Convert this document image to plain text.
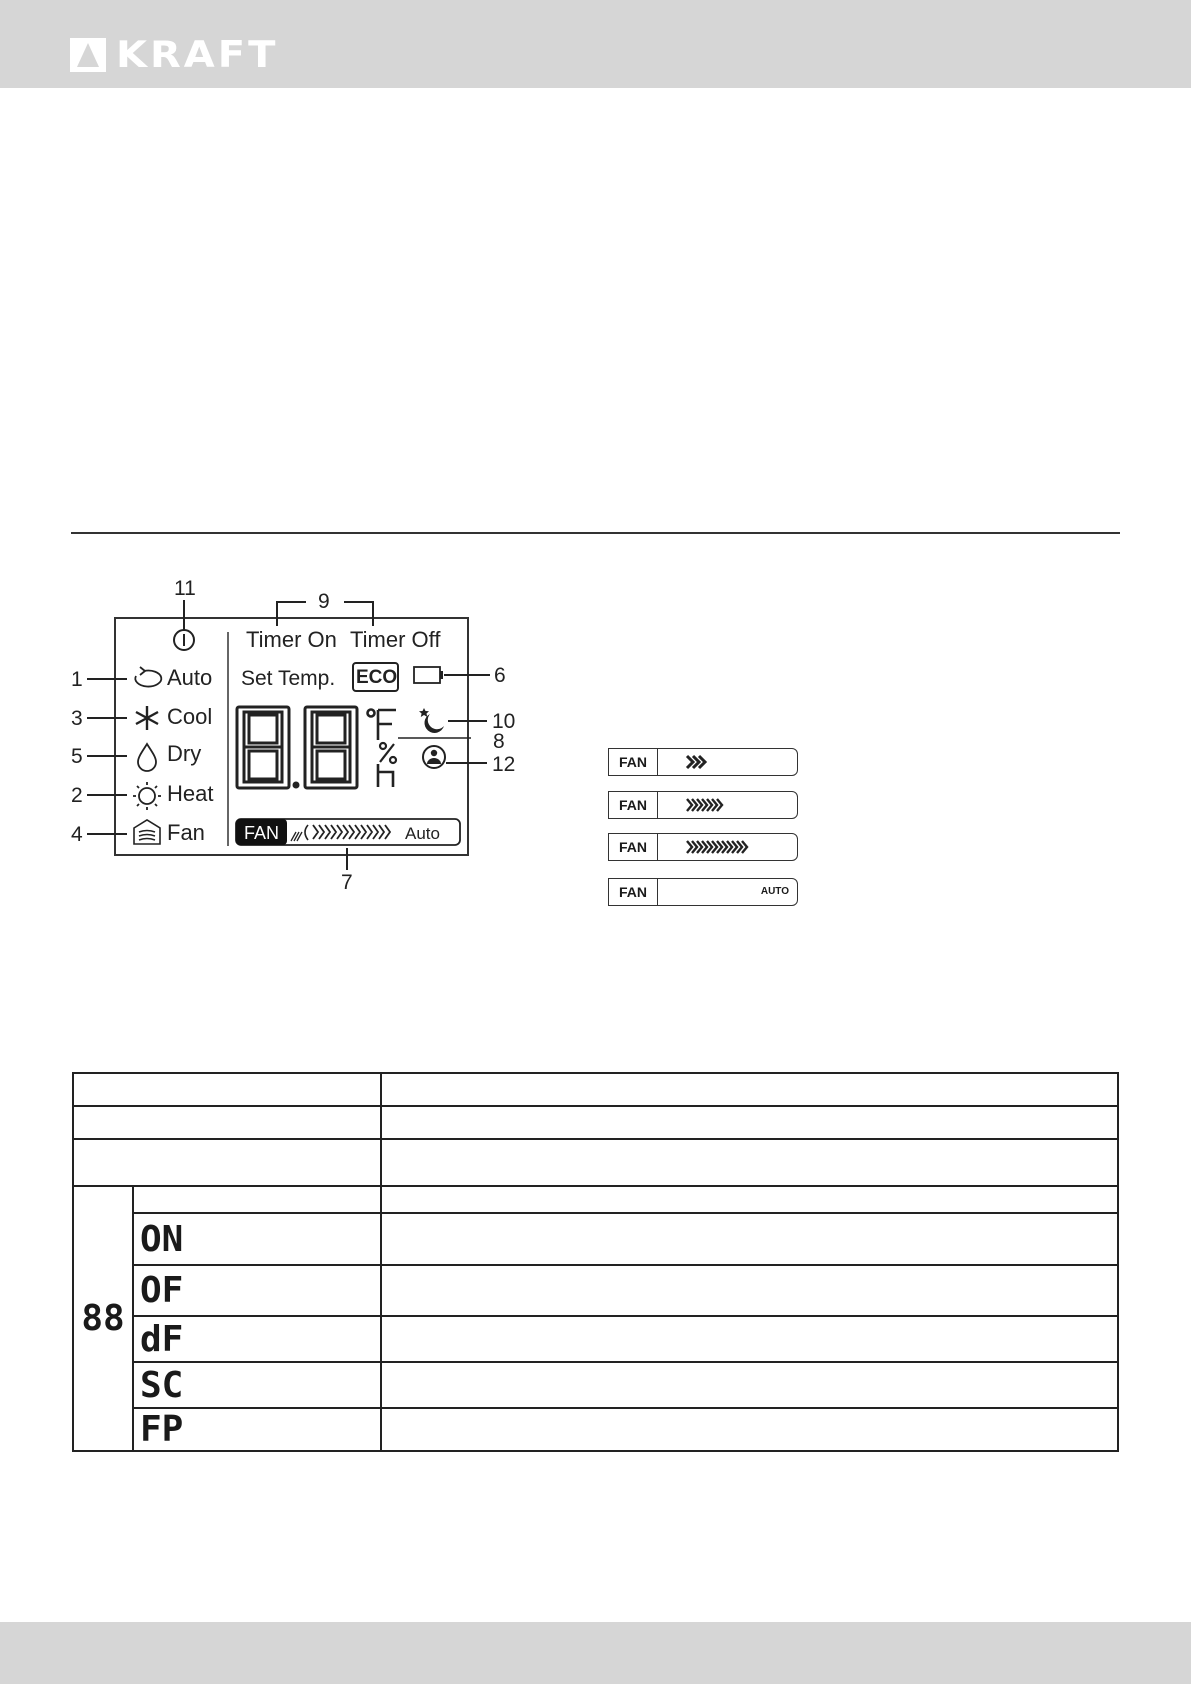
KRAFT
11
9
Timer On Timer Off
Set Temp. ECO	6
10
8
12
7
FAN	Auto
1	Auto
3	Cool
5	Dry
2	Heat
4	Fan
FAN
FAN
FAN
FAN	AUTO

88		
	ON	
	OF	
	dF	
	SC	
	FP	
